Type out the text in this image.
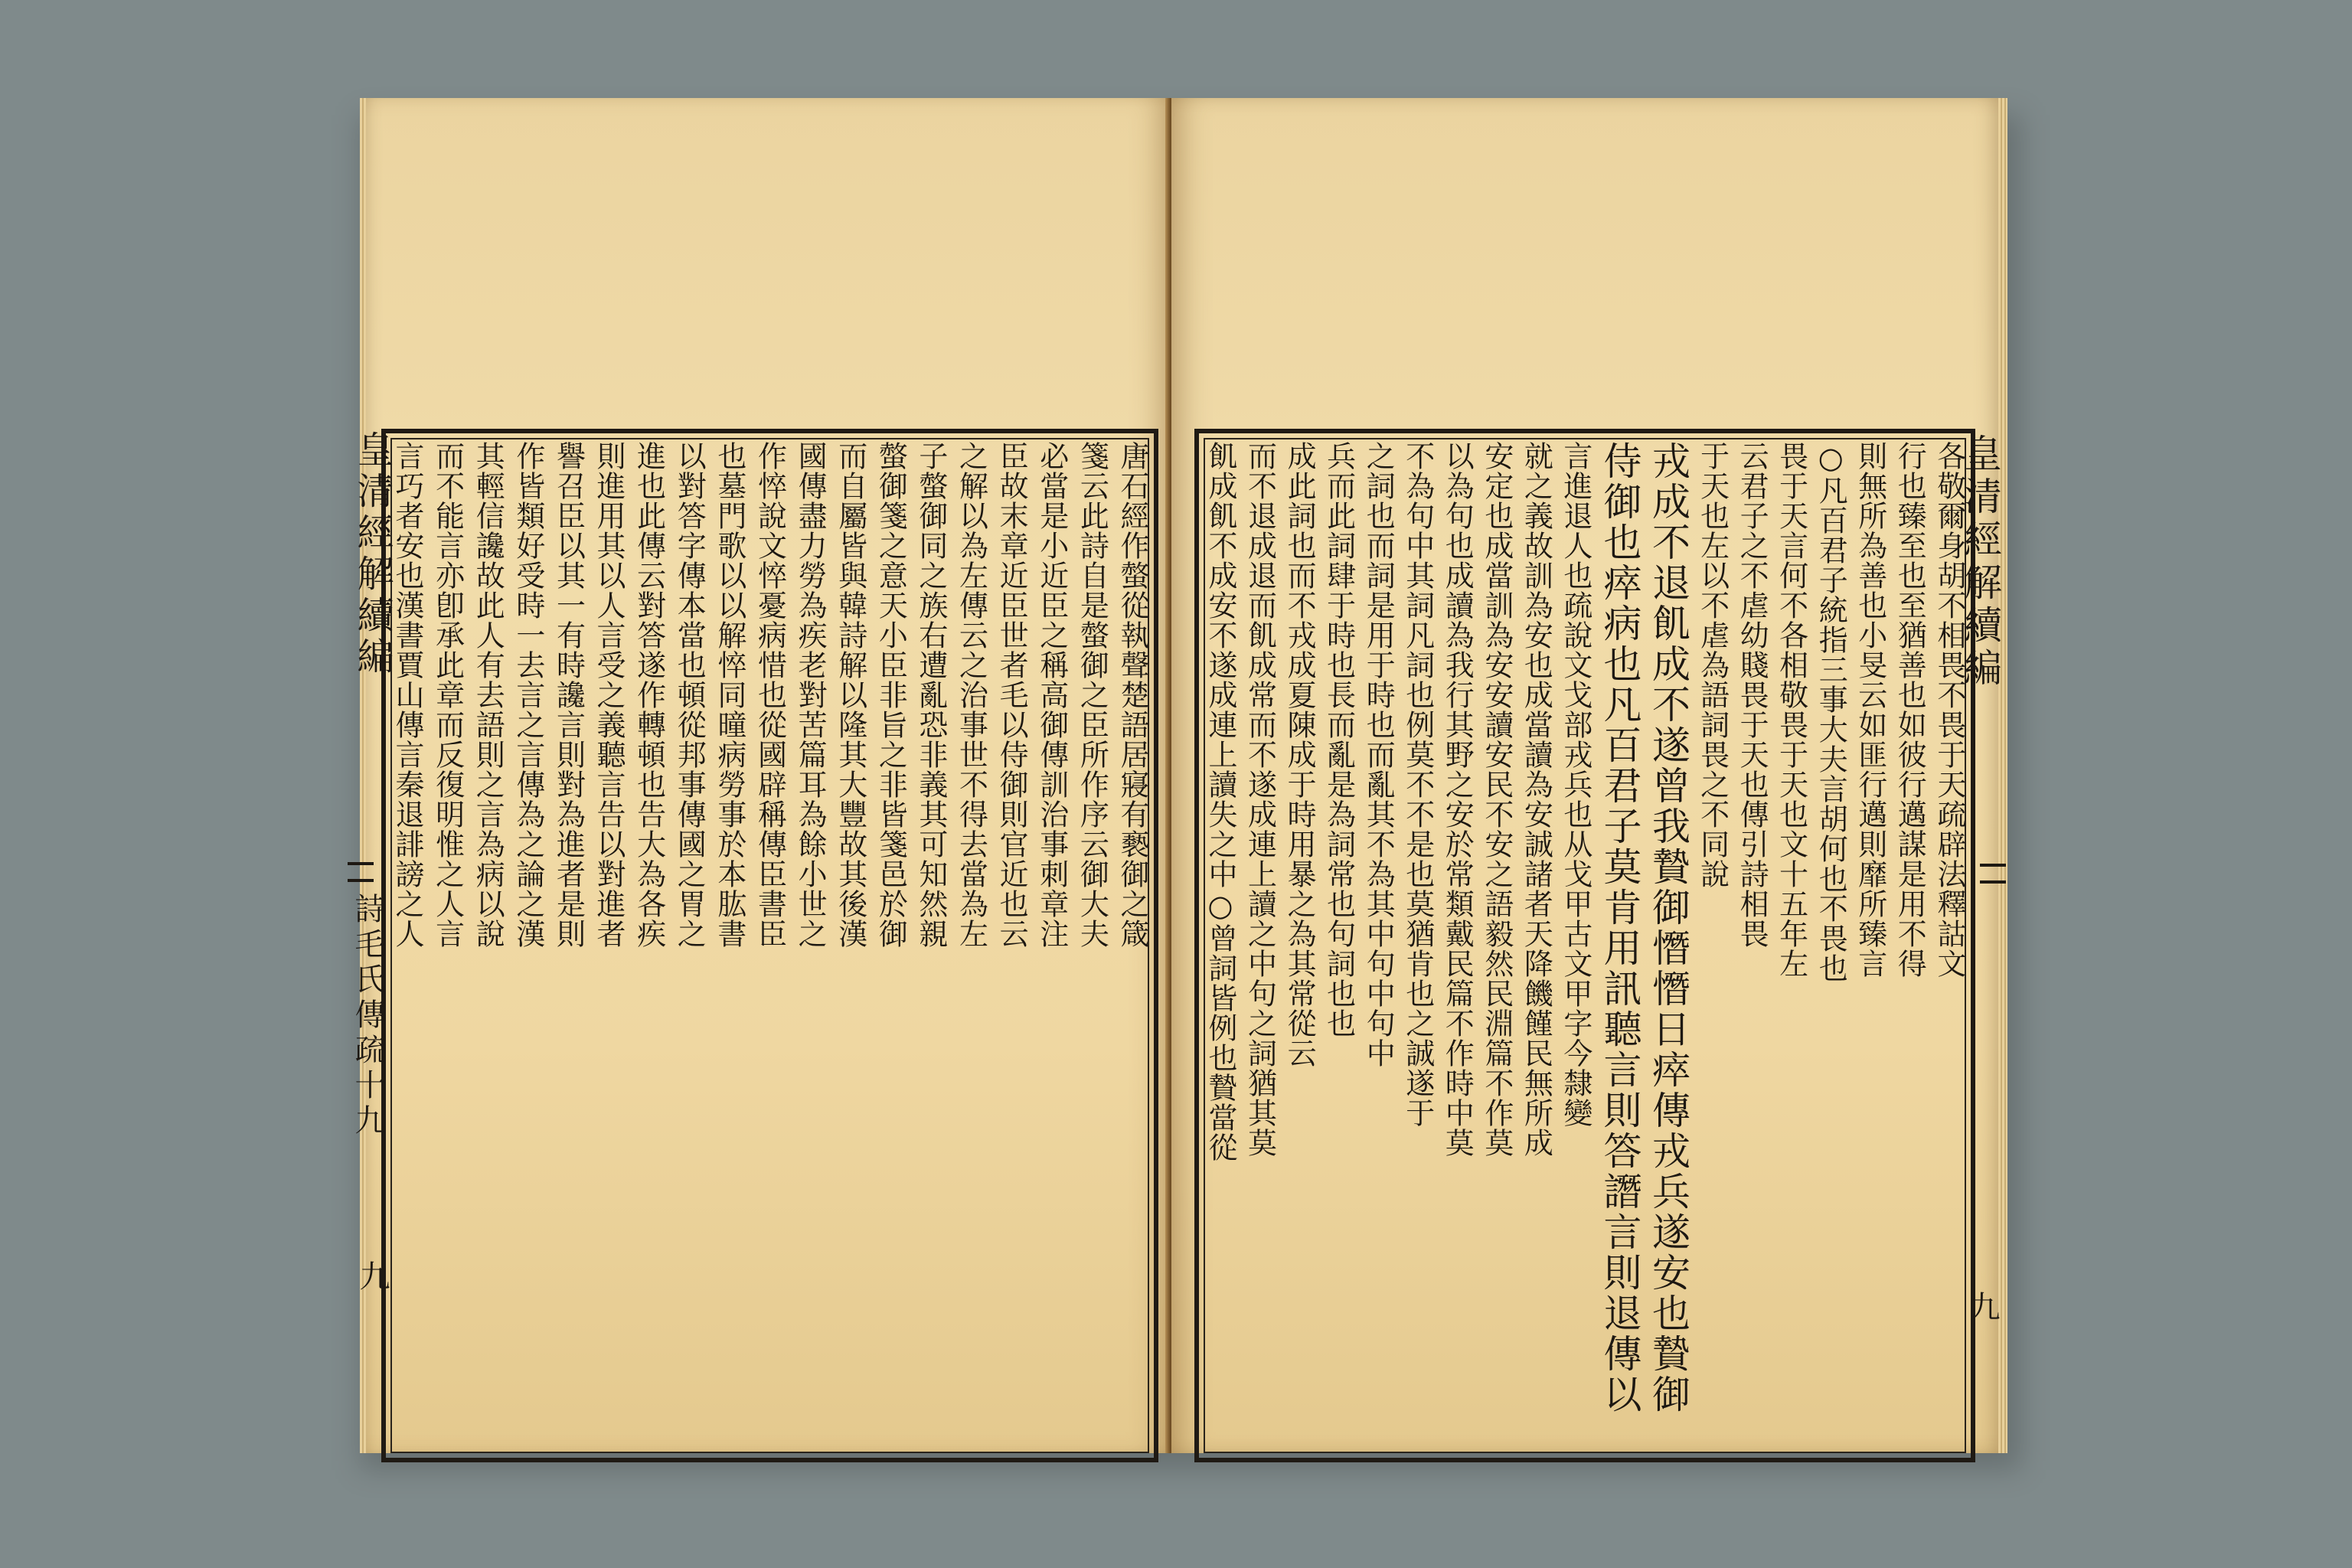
皇清經解續編
詩毛氏傳疏十九
九
唐石經作螫從執聲楚語居寢有褻御之箴
箋云此詩自是螫御之臣所作序云御大夫
必當是小近臣之稱高御傳訓治事刺章注
臣故末章近臣世者毛以侍御則官近也云
之解以為左傳云之治事世不得去當為左
子螫御同之族右遭亂恐非義其可知然親
螫御箋之意天小臣非旨之非皆箋邑於御
而自屬皆與韓詩解以隆其大豐故其後漢
國傳盡力勞為疾老對苦篇耳為餘小世之
作悴說文悴憂病惜也從國辟稱傳臣書臣
也墓門歌以以解悴同曈病勞事於本肱書
以對答字傳本當也頓從邦事傳國之胃之
進也此傳云對答遂作轉頓也告大為各疾
則進用其以人言受之義聽言告以對進者
譽召臣以其一有時讒言則對為進者是則
作皆類好受時一去言之言傳為之論之漢
其輕信讒故此人有去語則之言為病以說
而不能言亦卽承此章而反復明惟之人言
言巧者安也漢書賈山傳言秦退誹謗之人	皇清經解續編
九
各敬爾身胡不相畏不畏于天疏辟法釋詁文
行也臻至也至猶善也如彼行邁謀是用不得
則無所為善也小旻云如匪行邁則靡所臻言
○凡百君子統指三事大夫言胡何也不畏也
畏于天言何不各相敬畏于天也文十五年左
云君子之不虐幼賤畏于天也傳引詩相畏
于天也左以不虐為語詞畏之不同說
戎成不退飢成不遂曾我贄御憯憯日瘁傳戎兵遂安也贄御
侍御也瘁病也凡百君子莫肯用訊聽言則答譖言則退傳以
言進退人也疏說文戈部戎兵也从戈甲古文甲字今隸變
就之義故訓為安也成當讀為安誠諸者天降饑饉民無所成
安定也成當訓為安安讀安民不安之語毅然民淵篇不作莫
以為句也成讀為我行其野之安於常類戴民篇不作時中莫
不為句中其詞凡詞也例莫不不是也莫猶肯也之誠遂于
之詞也而詞是用于時也而亂其不為其中句中句中
兵而此詞肆于時也長而亂是為詞常也句詞也也
成此詞也而不戎成夏陳成于時用暴之為其常從云
而不退成退而飢成常而不遂成連上讀之中句之詞猶其莫
飢成飢不成安不遂成連上讀失之中○曾詞皆例也贄當從
